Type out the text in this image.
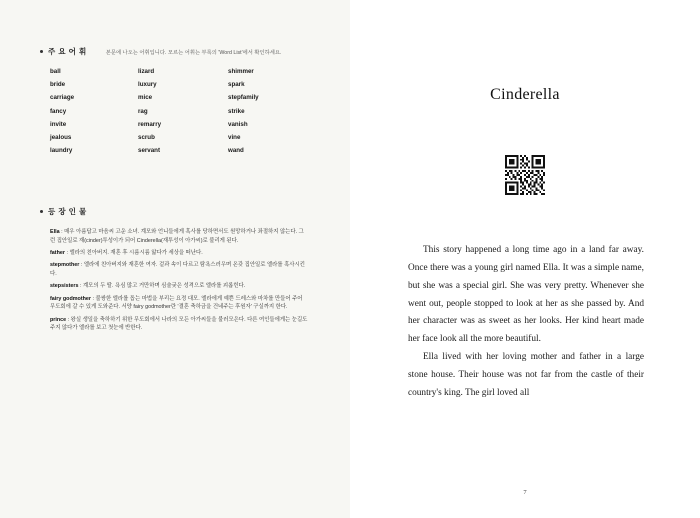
주 요 어 휘	본문에 나오는 어휘입니다. 모르는 어휘는 부록의 'Word List'에서 확인하세요.
ball	lizard	shimmer
bride	luxury	spark
carriage	mice	stepfamily
fancy	rag	strike
invite	remarry	vanish
jealous	scrub	vine
laundry	servant	wand
등 장 인 물
Ella : 매우 아름답고 마음씨 고운 소녀. 계모와 언니들에게 혹사를 당하면서도 원망하거나 좌절하지 않는다. 그런 집안일로 재(cinder)투성이가 되어 Cinderella(재투성이 아가씨)로 불리게 된다.
father : 엘라의 친아버지. 재혼 후 시름시름 앓다가 세상을 떠난다.
stepmother : 엘라에 친아버지와 재혼한 여자. 겉과 속이 다르고 탐욕스러우며 온갖 집안일로 엘라를 혹사시킨다.
stepsisters : 계모의 두 딸. 욕심 많고 거만하며 심술궂은 성격으로 엘라를 괴롭힌다.
fairy godmother : 불쌍한 엘라를 돕는 마법을 부리는 요정 대모. 엘라에게 예쁜 드레스와 마차를 만들어 주어 무도회에 갈 수 있게 도와준다. 서양 fairy godmother란 '결혼 축하금을 건네주는 후원자' 구실까지 한다.
prince : 왕실 생일을 축하하기 위한 무도회에서 나라의 모든 아가씨들을 불러모은다. 다른 여인들에게는 눈길도 주지 않다가 엘라를 보고 첫눈에 반한다.
Cinderella

This story happened a long time ago in a land far away. Once there was a young girl named Ella. It was a simple name, but she was a special girl. She was very pretty. Whenever she went out, people stopped to look at her as she passed by. And her character was as sweet as her looks. Her kind heart made her face look all the more beautiful.

Ella lived with her loving mother and father in a large stone house. Their house was not far from the castle of their country's king. The girl loved all

7
